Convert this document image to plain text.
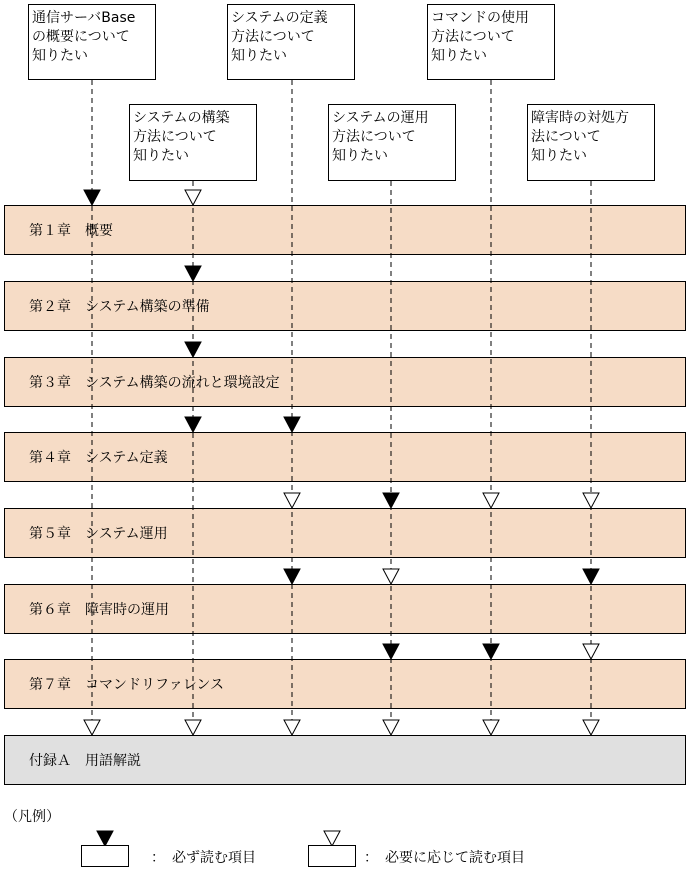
通信サーバBase
の概要について
知りたい
システムの構築
方法について
知りたい
システムの定義
方法について
知りたい
システムの運用
方法について
知りたい
コマンドの使用
方法について
知りたい
障害時の対処方
法について
知りたい
第１章　概要
第２章　システム構築の準備
第３章　システム構築の流れと環境設定
第４章　システム定義
第５章　システム運用
第６章　障害時の運用
第７章　コマンドリファレンス
付録Ａ　用語解説
（凡例）
：　必ず読む項目	：　必要に応じて読む項目
